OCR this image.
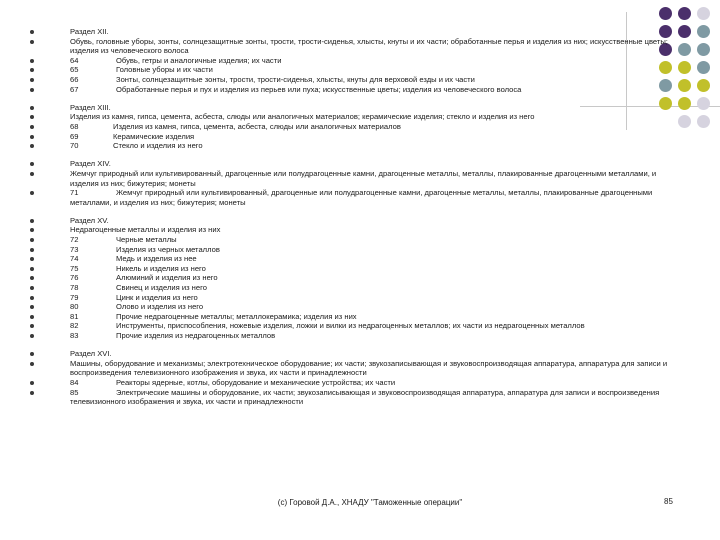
Раздел XII.
Обувь, головные уборы, зонты, солнцезащитные зонты, трости, трости-сиденья, хлысты, кнуты и их части; обработанные перья и изделия из них; искусственные цветы; изделия из человеческого волоса
64	Обувь, гетры и аналогичные изделия; их части
65	Головные уборы и их части
66	Зонты, солнцезащитные зонты, трости, трости-сиденья, хлысты, кнуты для верховой езды и их части
67	Обработанные перья и пух и изделия из перьев или пуха; искусственные цветы; изделия из человеческого волоса
Раздел XIII.
Изделия из камня, гипса, цемента, асбеста, слюды или аналогичных материалов; керамические изделия; стекло и изделия из него
68	Изделия из камня, гипса, цемента, асбеста, слюды или аналогичных материалов
69	Керамические изделия
70	Стекло и изделия из него
Раздел XIV.
Жемчуг природный или культивированный, драгоценные или полудрагоценные камни, драгоценные металлы, металлы, плакированные драгоценными металлами, и изделия из них; бижутерия; монеты
71	Жемчуг природный или культивированный, драгоценные или полудрагоценные камни, драгоценные металлы, металлы, плакированные драгоценными металлами, и изделия из них; бижутерия; монеты
Раздел XV.
Недрагоценные металлы и изделия из них
72	Черные металлы
73	Изделия из черных металлов
74	Медь и изделия из нее
75	Никель и изделия из него
76	Алюминий и изделия из него
78	Свинец и изделия из него
79	Цинк и изделия из него
80	Олово и изделия из него
81	Прочие недрагоценные металлы; металлокерамика; изделия из них
82	Инструменты, приспособления, ножевые изделия, ложки и вилки из недрагоценных металлов; их части из недрагоценных металлов
83	Прочие изделия из недрагоценных металлов
Раздел XVI.
Машины, оборудование и механизмы; электротехническое оборудование; их части; звукозаписывающая и звуковоспроизводящая аппаратура, аппаратура для записи и воспроизведения телевизионного изображения и звука, их части и принадлежности
84	Реакторы ядерные, котлы, оборудование и механические устройства; их части
85	Электрические машины и оборудование, их части; звукозаписывающая и звуковоспроизводящая аппаратура, аппаратура для записи и воспроизведения телевизионного изображения и звука, их части и принадлежности
(c) Горовой Д.А., ХНАДУ "Таможенные операции"	85
